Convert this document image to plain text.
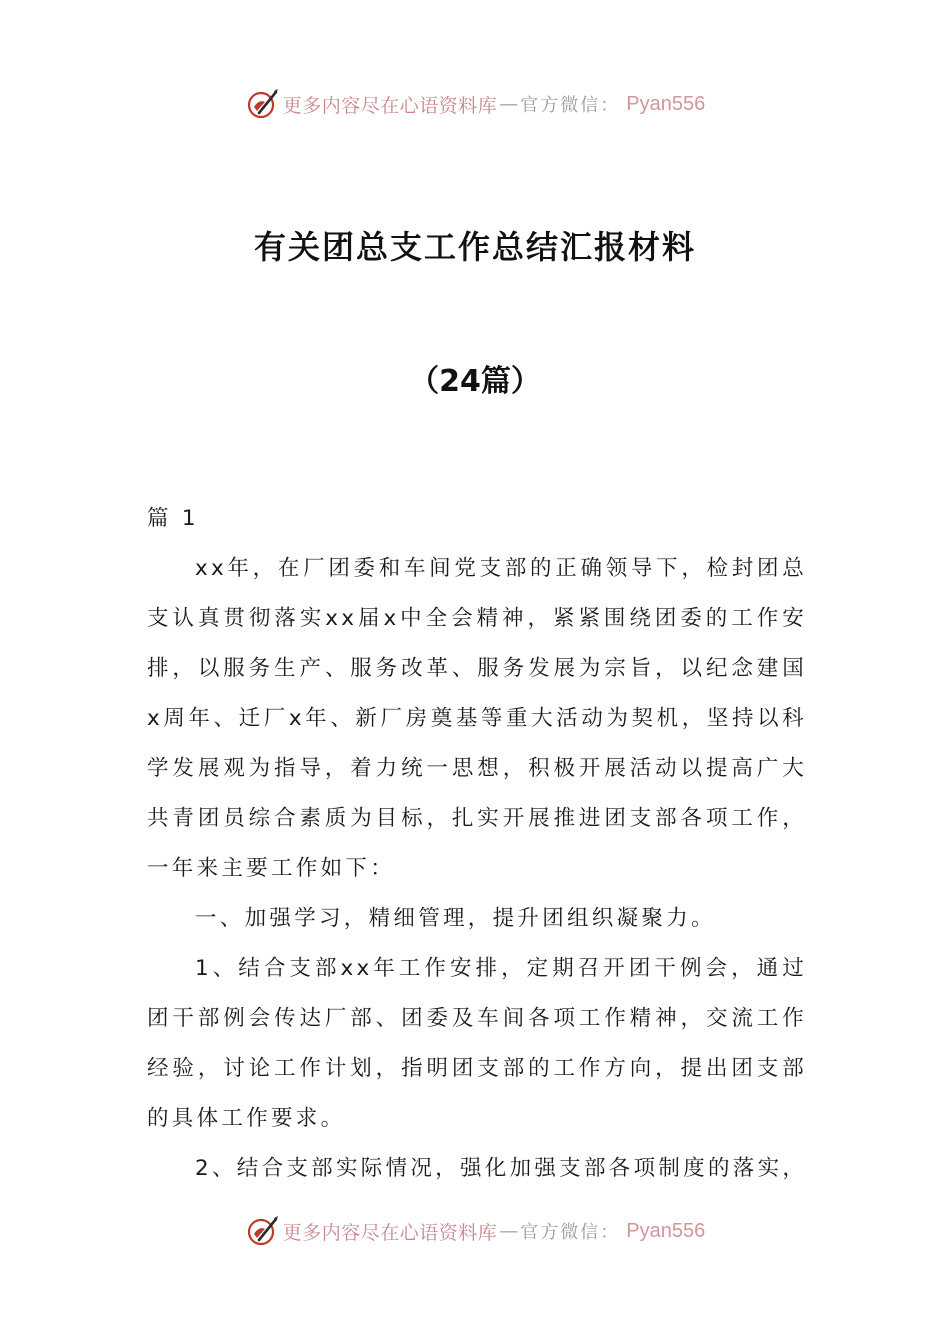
更多内容尽在心语资料库 — 官方微信： Pyan556
有关团总支工作总结汇报材料
（24篇）

篇 1

xx年，在厂团委和车间党支部的正确领导下，检封团总支认真贯彻落实xx届x中全会精神，紧紧围绕团委的工作安排，以服务生产、服务改革、服务发展为宗旨，以纪念建国x周年、迁厂x年、新厂房奠基等重大活动为契机，坚持以科学发展观为指导，着力统一思想，积极开展活动以提高广大共青团员综合素质为目标，扎实开展推进团支部各项工作，一年来主要工作如下：

一、加强学习，精细管理，提升团组织凝聚力。

1、结合支部xx年工作安排，定期召开团干例会，通过团干部例会传达厂部、团委及车间各项工作精神，交流工作经验，讨论工作计划，指明团支部的工作方向，提出团支部的具体工作要求。

2、结合支部实际情况，强化加强支部各项制度的落实，

更多内容尽在心语资料库 — 官方微信： Pyan556
